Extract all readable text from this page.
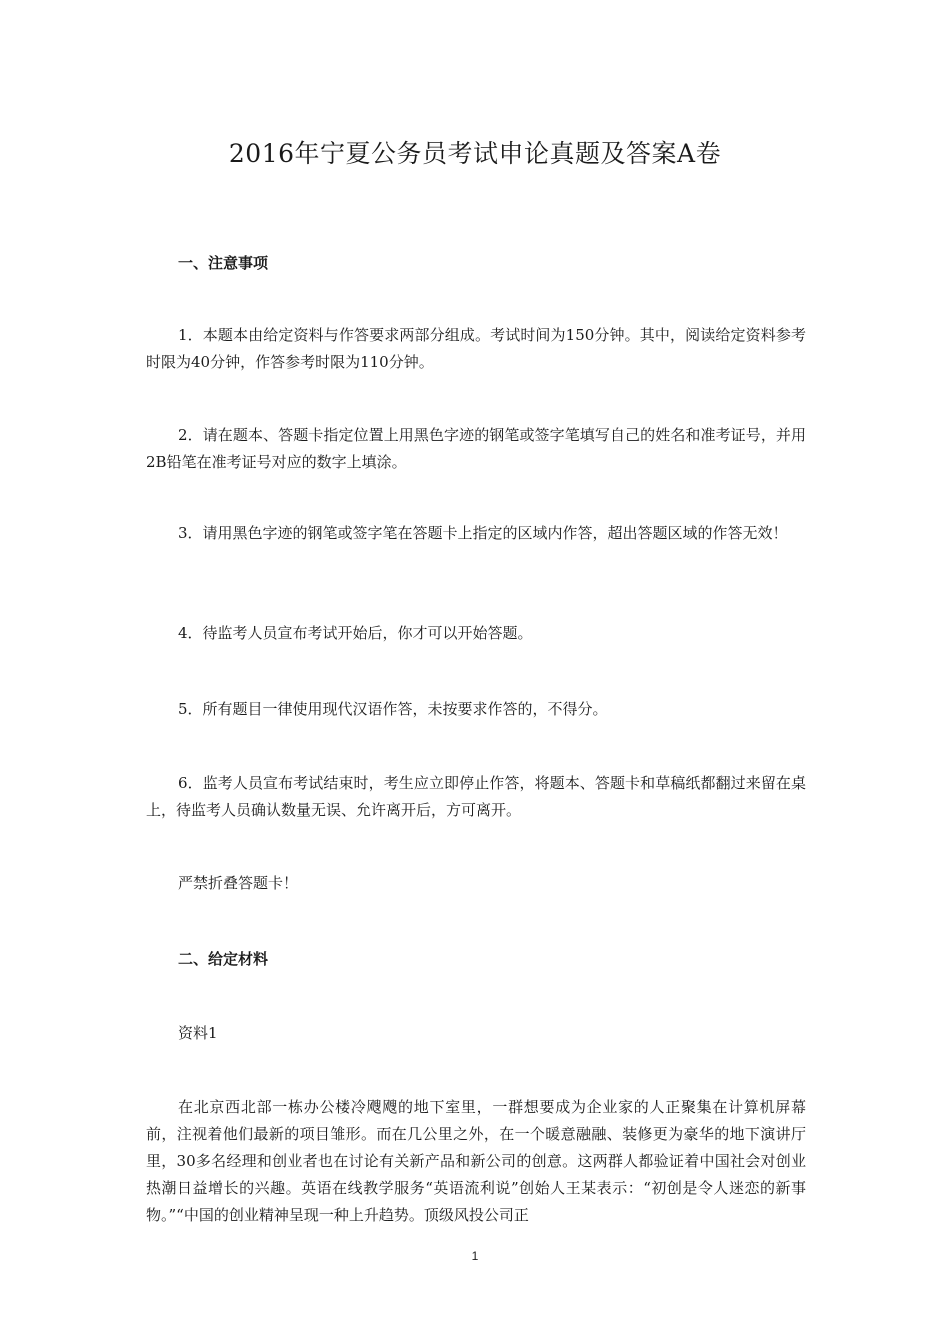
2016年宁夏公务员考试申论真题及答案A卷
一、注意事项
1．本题本由给定资料与作答要求两部分组成。考试时间为150分钟。其中，阅读给定资料参考时限为40分钟，作答参考时限为110分钟。
2．请在题本、答题卡指定位置上用黑色字迹的钢笔或签字笔填写自己的姓名和准考证号，并用2B铅笔在准考证号对应的数字上填涂。
3．请用黑色字迹的钢笔或签字笔在答题卡上指定的区域内作答，超出答题区域的作答无效！
4．待监考人员宣布考试开始后，你才可以开始答题。
5．所有题目一律使用现代汉语作答，未按要求作答的，不得分。
6．监考人员宣布考试结束时，考生应立即停止作答，将题本、答题卡和草稿纸都翻过来留在桌上，待监考人员确认数量无误、允许离开后，方可离开。
严禁折叠答题卡！
二、给定材料
资料1
在北京西北部一栋办公楼冷飕飕的地下室里，一群想要成为企业家的人正聚集在计算机屏幕前，注视着他们最新的项目雏形。而在几公里之外，在一个暖意融融、装修更为豪华的地下演讲厅里，30多名经理和创业者也在讨论有关新产品和新公司的创意。这两群人都验证着中国社会对创业热潮日益增长的兴趣。英语在线教学服务“英语流利说”创始人王某表示：“初创是令人迷恋的新事物。”“中国的创业精神呈现一种上升趋势。顶级风投公司正
1
